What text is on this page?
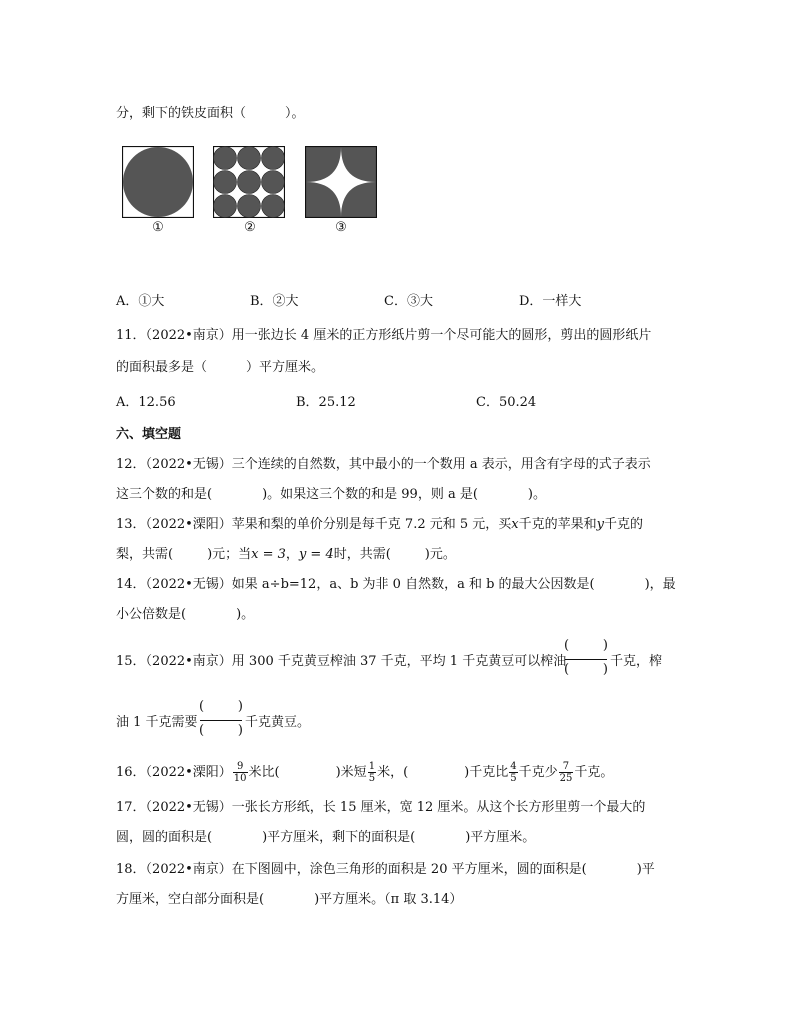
分，剩下的铁皮面积（　　　）。
①	②	③
A．①大	B．②大	C．③大	D．一样大
11．（2022•南京）用一张边长 4 厘米的正方形纸片剪一个尽可能大的圆形，剪出的圆形纸片
的面积最多是（　　　）平方厘米。
A．12.56	B．25.12	C．50.24
六、填空题
12．（2022•无锡）三个连续的自然数，其中最小的一个数用 a 表示，用含有字母的式子表示
这三个数的和是(	)。如果这三个数的和是 99，则 a 是(	)。
13．（2022•溧阳）苹果和梨的单价分别是每千克 7.2 元和 5 元，买x千克的苹果和y千克的
梨，共需(	)元；当x = 3，y = 4时，共需(	)元。
14．（2022•无锡）如果 a÷b=12，a、b 为非 0 自然数，a 和 b 的最大公因数是(	)，最
小公倍数是(	)。
15．（2022•南京）用 300 千克黄豆榨油 37 千克，平均 1 千克黄豆可以榨油
(	)
(	)
千克，榨
油 1 千克需要
(	)
(	)
千克黄豆。
16．（2022•溧阳） $\frac{9}{10}$ 米比(	)米短 $\frac{1}{5}$ 米，(	)千克比 $\frac{4}{5}$ 千克少 $\frac{7}{25}$ 千克。
17．（2022•无锡）一张长方形纸，长 15 厘米，宽 12 厘米。从这个长方形里剪一个最大的
圆，圆的面积是(	)平方厘米，剩下的面积是(	)平方厘米。
18．（2022•南京）在下图圆中，涂色三角形的面积是 20 平方厘米，圆的面积是(	)平
方厘米，空白部分面积是(	)平方厘米。（π 取 3.14）
